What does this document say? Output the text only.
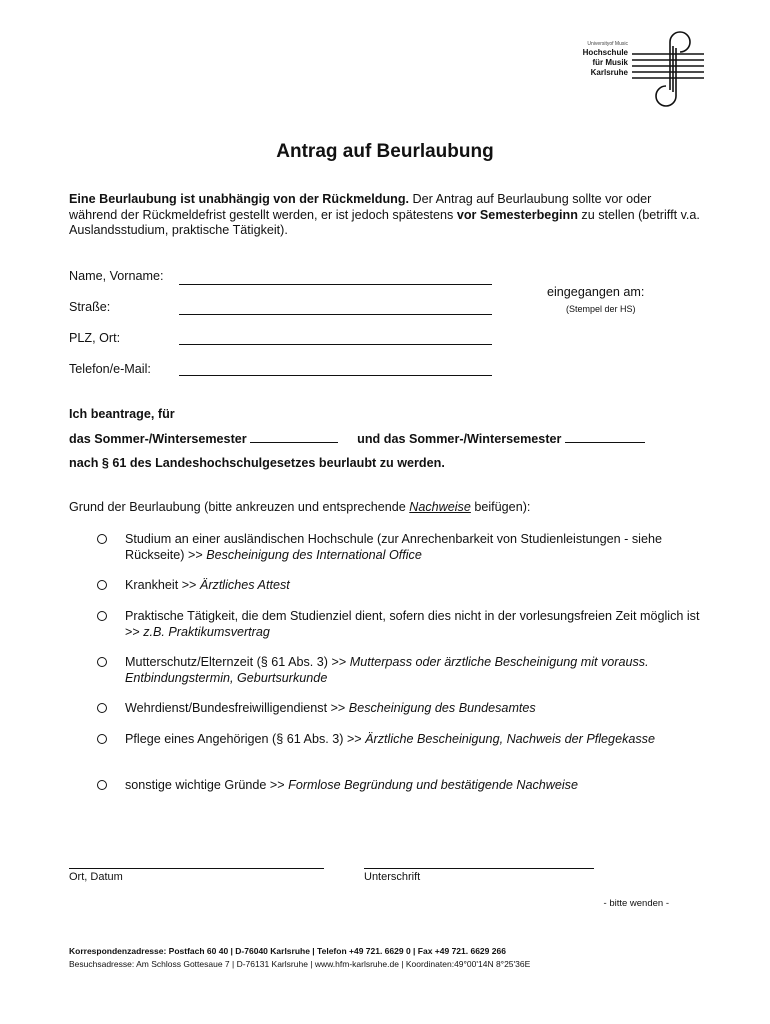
Universityof Music
Hochschule
für Musik
Karlsruhe
Antrag auf Beurlaubung
Eine Beurlaubung ist unabhängig von der Rückmeldung. Der Antrag auf Beurlaubung sollte vor oder während der Rückmeldefrist gestellt werden, er ist jedoch spätestens vor Semesterbeginn zu stellen (betrifft v.a. Auslandsstudium, praktische Tätigkeit).
Name, Vorname:
Straße:
PLZ, Ort:
Telefon/e-Mail:
eingegangen am:
(Stempel der HS)
Ich beantrage, für
das Sommer-/Wintersemester	und das Sommer-/Wintersemester
nach § 61 des Landeshochschulgesetzes beurlaubt zu werden.
Grund der Beurlaubung (bitte ankreuzen und entsprechende Nachweise beifügen):
Studium an einer ausländischen Hochschule (zur Anrechenbarkeit von Studienleistungen - siehe Rückseite) >> Bescheinigung des International Office
Krankheit >> Ärztliches Attest
Praktische Tätigkeit, die dem Studienziel dient, sofern dies nicht in der vorlesungsfreien Zeit möglich ist >> z.B. Praktikumsvertrag
Mutterschutz/Elternzeit (§ 61 Abs. 3) >> Mutterpass oder ärztliche Bescheinigung mit vorauss. Entbindungstermin, Geburtsurkunde
Wehrdienst/Bundesfreiwilligendienst >> Bescheinigung des Bundesamtes
Pflege eines Angehörigen (§ 61 Abs. 3) >> Ärztliche Bescheinigung, Nachweis der Pflegekasse
sonstige wichtige Gründe >> Formlose Begründung und bestätigende Nachweise
Ort, Datum	Unterschrift
- bitte wenden -
Korrespondenzadresse: Postfach 60 40 | D-76040 Karlsruhe | Telefon +49 721. 6629 0 | Fax +49 721. 6629 266
Besuchsadresse: Am Schloss Gottesaue 7 | D-76131 Karlsruhe | www.hfm-karlsruhe.de | Koordinaten:49°00'14N 8°25'36E
